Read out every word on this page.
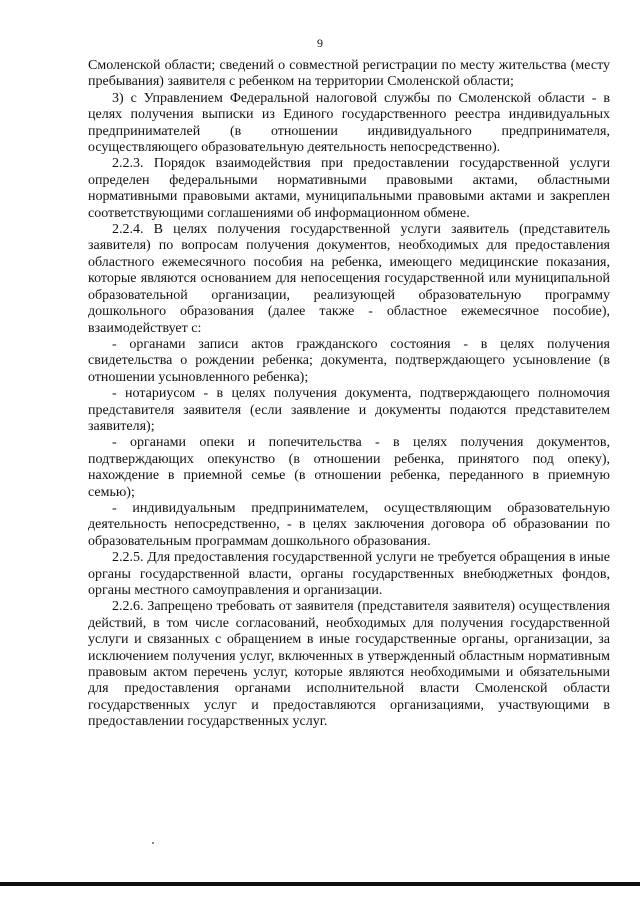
9

Смоленской области; сведений о совместной регистрации по месту жительства (месту пребывания) заявителя с ребенком на территории Смоленской области;

3) с Управлением Федеральной налоговой службы по Смоленской области - в целях получения выписки из Единого государственного реестра индивидуальных предпринимателей (в отношении индивидуального предпринимателя, осуществляющего образовательную деятельность непосредственно).

2.2.3. Порядок взаимодействия при предоставлении государственной услуги определен федеральными нормативными правовыми актами, областными нормативными правовыми актами, муниципальными правовыми актами и закреплен соответствующими соглашениями об информационном обмене.

2.2.4. В целях получения государственной услуги заявитель (представитель заявителя) по вопросам получения документов, необходимых для предоставления областного ежемесячного пособия на ребенка, имеющего медицинские показания, которые являются основанием для непосещения государственной или муниципальной образовательной организации, реализующей образовательную программу дошкольного образования (далее также - областное ежемесячное пособие), взаимодействует с:

- органами записи актов гражданского состояния - в целях получения свидетельства о рождении ребенка; документа, подтверждающего усыновление (в отношении усыновленного ребенка);

- нотариусом - в целях получения документа, подтверждающего полномочия представителя заявителя (если заявление и документы подаются представителем заявителя);

- органами опеки и попечительства - в целях получения документов, подтверждающих опекунство (в отношении ребенка, принятого под опеку), нахождение в приемной семье (в отношении ребенка, переданного в приемную семью);

- индивидуальным предпринимателем, осуществляющим образовательную деятельность непосредственно, - в целях заключения договора об образовании по образовательным программам дошкольного образования.

2.2.5. Для предоставления государственной услуги не требуется обращения в иные органы государственной власти, органы государственных внебюджетных фондов, органы местного самоуправления и организации.

2.2.6. Запрещено требовать от заявителя (представителя заявителя) осуществления действий, в том числе согласований, необходимых для получения государственной услуги и связанных с обращением в иные государственные органы, организации, за исключением получения услуг, включенных в утвержденный областным нормативным правовым актом перечень услуг, которые являются необходимыми и обязательными для предоставления органами исполнительной власти Смоленской области государственных услуг и предоставляются организациями, участвующими в предоставлении государственных услуг.
